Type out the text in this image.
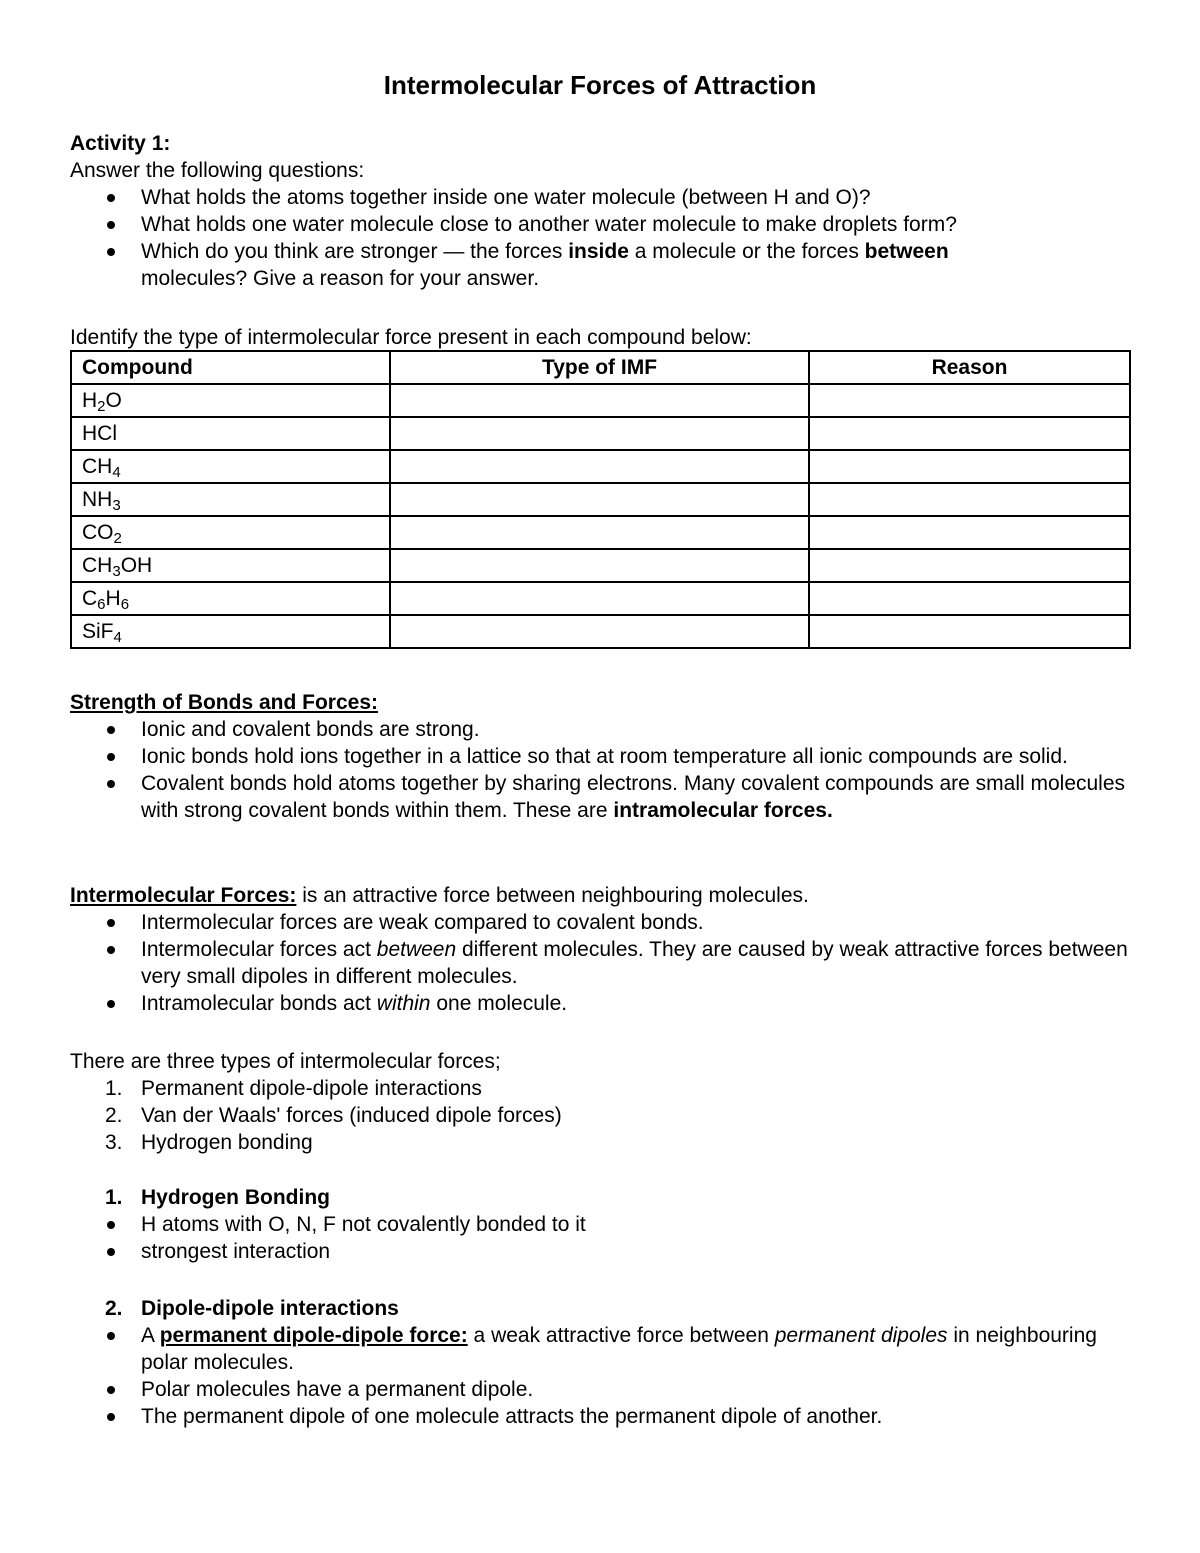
Intermolecular Forces of Attraction
Activity 1:
Answer the following questions:
What holds the atoms together inside one water molecule (between H and O)?
What holds one water molecule close to another water molecule to make droplets form?
Which do you think are stronger — the forces inside a molecule or the forces between
molecules? Give a reason for your answer.
Identify the type of intermolecular force present in each compound below:
Compound	Type of IMF	Reason
$H_2O$		
HCl		
$CH_4$		
$NH_3$		
$CO_2$		
$CH_3OH$		
$C_6H_6$		
SiF$_4$		
Strength of Bonds and Forces:
Ionic and covalent bonds are strong.
Ionic bonds hold ions together in a lattice so that at room temperature all ionic compounds are solid.
Covalent bonds hold atoms together by sharing electrons. Many covalent compounds are small molecules with strong covalent bonds within them. These are intramolecular forces.
Intermolecular Forces: is an attractive force between neighbouring molecules.
Intermolecular forces are weak compared to covalent bonds.
Intermolecular forces act between different molecules. They are caused by weak attractive forces between very small dipoles in different molecules.
Intramolecular bonds act within one molecule.
There are three types of intermolecular forces;
1. Permanent dipole-dipole interactions
2. Van der Waals' forces (induced dipole forces)
3. Hydrogen bonding
1. Hydrogen Bonding
H atoms with O, N, F not covalently bonded to it
strongest interaction
2. Dipole-dipole interactions
A permanent dipole-dipole force: a weak attractive force between permanent dipoles in neighbouring polar molecules.
Polar molecules have a permanent dipole.
The permanent dipole of one molecule attracts the permanent dipole of another.
